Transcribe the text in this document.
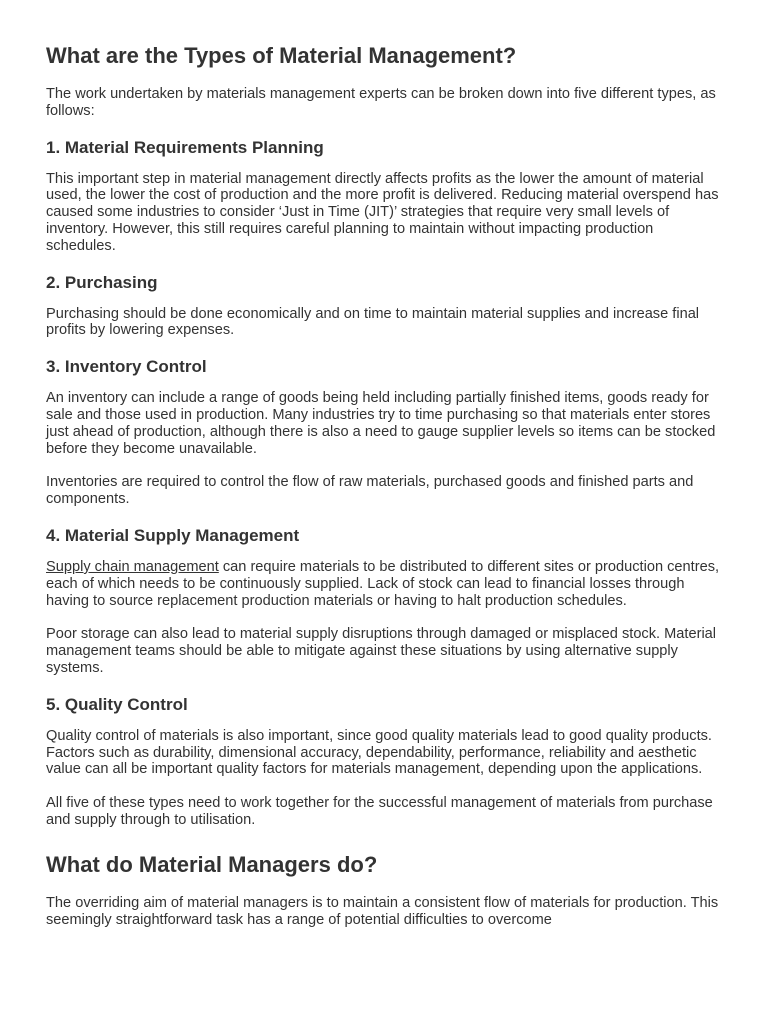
What are the Types of Material Management?

The work undertaken by materials management experts can be broken down into five different types, as follows:

1. Material Requirements Planning

This important step in material management directly affects profits as the lower the amount of material used, the lower the cost of production and the more profit is delivered. Reducing material overspend has caused some industries to consider ‘Just in Time (JIT)’ strategies that require very small levels of inventory. However, this still requires careful planning to maintain without impacting production schedules.

2. Purchasing

Purchasing should be done economically and on time to maintain material supplies and increase final profits by lowering expenses.

3. Inventory Control

An inventory can include a range of goods being held including partially finished items, goods ready for sale and those used in production. Many industries try to time purchasing so that materials enter stores just ahead of production, although there is also a need to gauge supplier levels so items can be stocked before they become unavailable.

Inventories are required to control the flow of raw materials, purchased goods and finished parts and components.

4. Material Supply Management

Supply chain management can require materials to be distributed to different sites or production centres, each of which needs to be continuously supplied. Lack of stock can lead to financial losses through having to source replacement production materials or having to halt production schedules.

Poor storage can also lead to material supply disruptions through damaged or misplaced stock. Material management teams should be able to mitigate against these situations by using alternative supply systems.

5. Quality Control

Quality control of materials is also important, since good quality materials lead to good quality products. Factors such as durability, dimensional accuracy, dependability, performance, reliability and aesthetic value can all be important quality factors for materials management, depending upon the applications.

All five of these types need to work together for the successful management of materials from purchase and supply through to utilisation.

What do Material Managers do?

The overriding aim of material managers is to maintain a consistent flow of materials for production. This seemingly straightforward task has a range of potential difficulties to overcome
